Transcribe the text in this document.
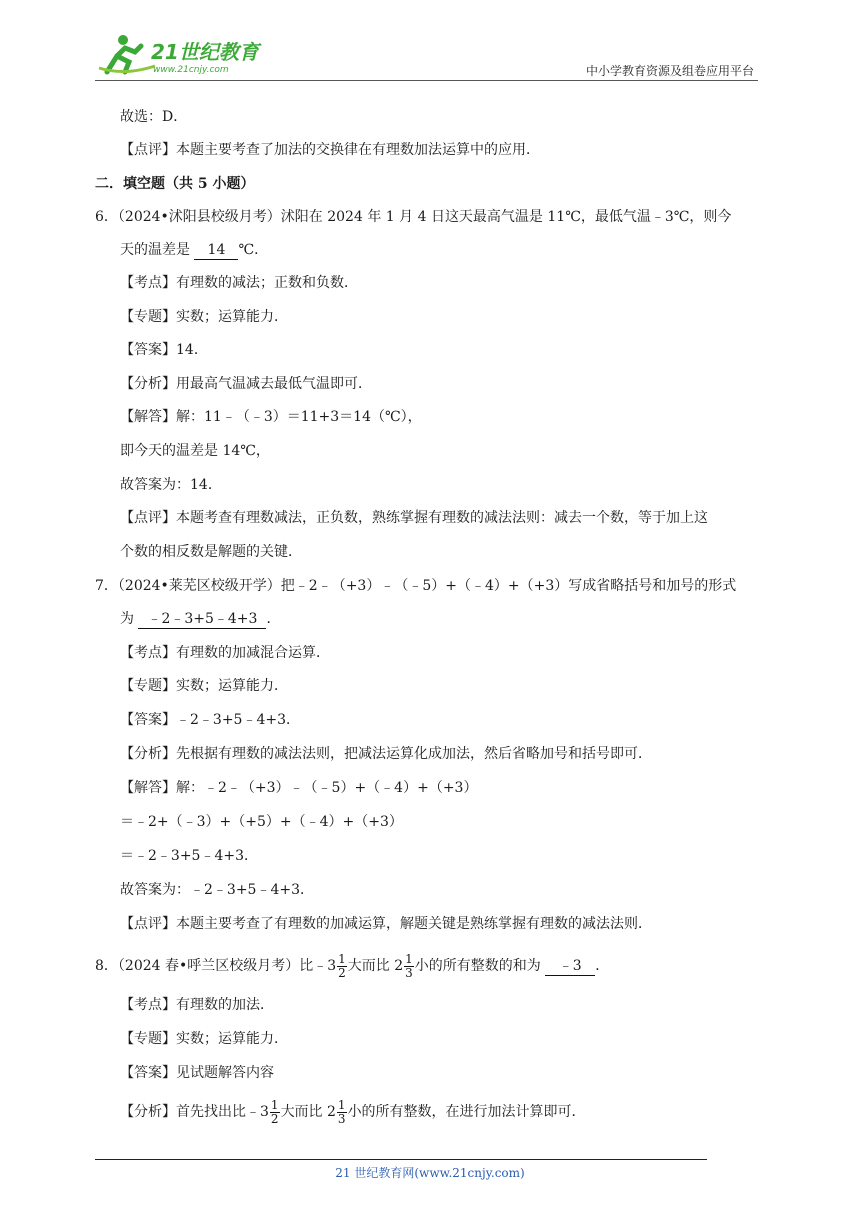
21世纪教育
www.21cnjy.com	中小学教育资源及组卷应用平台
故选：D．
【点评】本题主要考查了加法的交换律在有理数加法运算中的应用．
二．填空题（共 5 小题）
6．（2024•沭阳县校级月考）沭阳在 2024 年 1 月 4 日这天最高气温是 11℃，最低气温﹣3℃，则今
天的温差是 14 ℃．
【考点】有理数的减法；正数和负数．
【专题】实数；运算能力．
【答案】14．
【分析】用最高气温减去最低气温即可．
【解答】解：11﹣（﹣3）＝11+3＝14（℃），
即今天的温差是 14℃，
故答案为：14．
【点评】本题考查有理数减法，正负数，熟练掌握有理数的减法法则：减去一个数，等于加上这
个数的相反数是解题的关键．
7．（2024•莱芜区校级开学）把﹣2﹣（+3）﹣（﹣5）+（﹣4）+（+3）写成省略括号和加号的形式
为 ﹣2﹣3+5﹣4+3 ．
【考点】有理数的加减混合运算．
【专题】实数；运算能力．
【答案】﹣2﹣3+5﹣4+3．
【分析】先根据有理数的减法法则，把减法运算化成加法，然后省略加号和括号即可．
【解答】解：﹣2﹣（+3）﹣（﹣5）+（﹣4）+（+3）
＝﹣2+（﹣3）+（+5）+（﹣4）+（+3）
＝﹣2﹣3+5﹣4+3．
故答案为：﹣2﹣3+5﹣4+3．
【点评】本题主要考查了有理数的加减运算，解题关键是熟练掌握有理数的减法法则．
8．（2024 春•呼兰区校级月考）比﹣3 $\frac{1}{2}$ 大而比 $2 \frac{1}{3}$ 小的所有整数的和为 ﹣3 ．
【考点】有理数的加法．
【专题】实数；运算能力．
【答案】见试题解答内容
【分析】首先找出比﹣3 $\frac{1}{2}$ 大而比 $2 \frac{1}{3}$ 小的所有整数，在进行加法计算即可．
21 世纪教育网(www.21cnjy.com)
